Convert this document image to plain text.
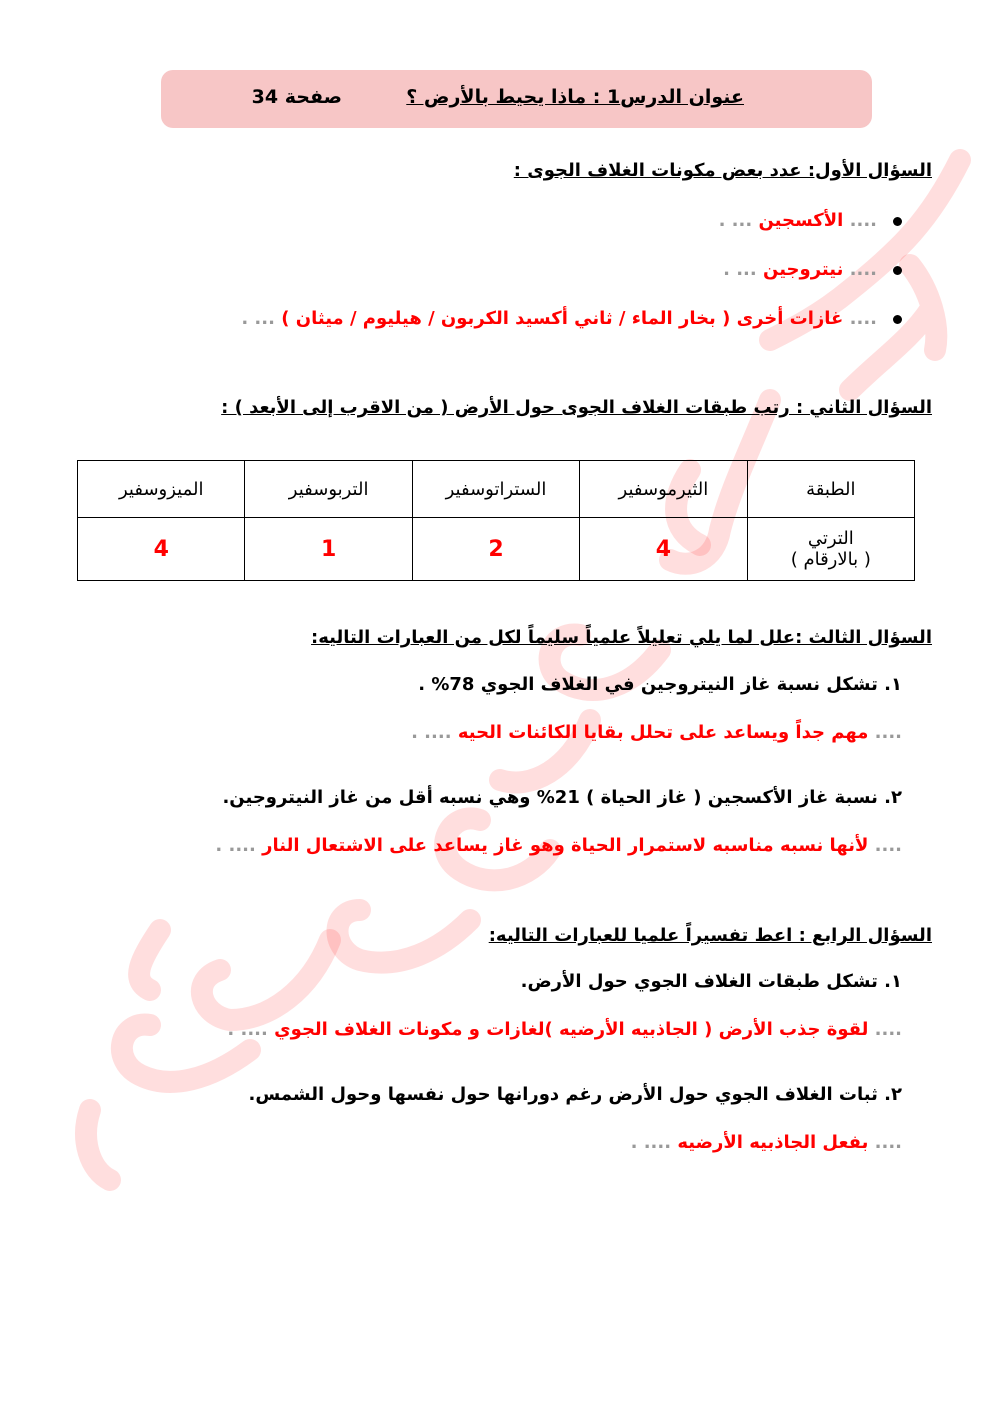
عنوان الدرس1 : ماذا يحيط بالأرض ؟
صفحة 34
السؤال الأول: عدد بعض مكونات الغلاف الجوى :
.... الأكسجين ... .
.... نيتروجين ... .
.... غازات أخرى ( بخار الماء / ثاني أكسيد الكربون / هيليوم / ميثان ) ... .
السؤال الثاني : رتب طبقات الغلاف الجوى حول الأرض ( من الاقرب إلى الأبعد ) :
الطبقة	الثيرموسفير	الستراتوسفير	التربوسفير	الميزوسفير

الترتي
( بالارقام )	4	2	1	4
السؤال الثالث :علل لما يلي تعليلاً علمياً سليماً لكل من العبارات التاليه:
١. تشكل نسبة غاز النيتروجين في الغلاف الجوي 78% .
.... مهم جداً ويساعد على تحلل بقايا الكائنات الحيه .... .
٢. نسبة غاز الأكسجين ( غاز الحياة ) 21% وهي نسبه أقل من غاز النيتروجين.
.... لأنها نسبه مناسبه لاستمرار الحياة وهو غاز يساعد على الاشتعال النار .... .
السؤال الرابع : اعط تفسيراً علميا للعبارات التاليه:
١. تشكل طبقات الغلاف الجوي حول الأرض.
.... لقوة جذب الأرض ( الجاذبيه الأرضيه )لغازات و مكونات الغلاف الجوي .... .
٢. ثبات الغلاف الجوي حول الأرض رغم دورانها حول نفسها وحول الشمس.
.... بفعل الجاذبيه الأرضيه .... .
